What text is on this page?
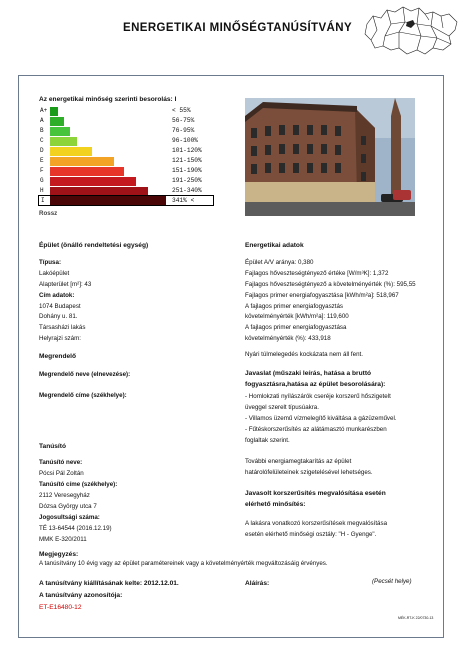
ENERGETIKAI MINŐSÉGTANÚSÍTVÁNY
Az energetikai minőség szerinti besorolás: I
A+	< 55%
A	56-75%
B	76-95%
C	96-100%
D	101-120%
E	121-150%
F	151-190%
G	191-250%
H	251-340%
I	341% <
Rossz
Épület (önálló rendeltetési egység)
Típusa:
Lakóépület
Alapterület [m²]: 43
Cím adatok:
1074 Budapest
Dohány u. 81.
Társasházi lakás
Helyrajzi szám:
Energetikai adatok
Épület A/V aránya: 0,380
Fajlagos hőveszteségtényező értéke [W/m³K]: 1,372
Fajlagos hőveszteségtényező a követelményérték (%): 595,55
Fajlagos primer energiafogyasztása [kWh/m²a]: 518,967
A fajlagos primer energiafogyasztás
követelményérték [kWh/m²a]: 119,600
A fajlagos primer energiafogyasztása
követelményérték (%): 433,918
Megrendelő
Megrendelő neve (elnevezése):
Megrendelő címe (székhelye):
Nyári túlmelegedés kockázata nem áll fent.
Javaslat (műszaki leírás, hatása a bruttó
fogyasztásra,hatása az épület besorolására):
- Homlokzati nyílászárók cseréje korszerű hőszigetelt
üveggel szerelt típusúakra.
- Villamos üzemű vízmelegítő kiváltása a gázüzeművel.
- Fűtéskorszerűsítés az alátámasztó munkarészben
foglaltak szerint.
Tanúsító
Tanúsító neve:
Pócsi Pál Zoltán
Tanúsító címe (székhelye):
2112 Veresegyház
Dózsa György utca 7
Jogosultsági száma:
TÉ 13-64544 (2016.12.19)
MMK E-320/2011
További energiamegtakarítás az épület
határolófelületeinek szigetelésével lehetséges.
Javasolt korszerűsítés megvalósítása esetén
elérhető minősítés:
A lakásra vonatkozó korszerűsítések megvalósítása
esetén elérhető minőségi osztály: "H - Gyenge".
Megjegyzés:
A tanúsítvány 10 évig vagy az épület paramétereinek vagy a követelményérték megváltozásáig érvényes.
A tanúsítvány kiállításának kelte: 2012.12.01.	Aláírás:	(Pecsét helye)
A tanúsítvány azonosítója:
ET-E16480-12
MÉK-RT-K 22/0730-13
